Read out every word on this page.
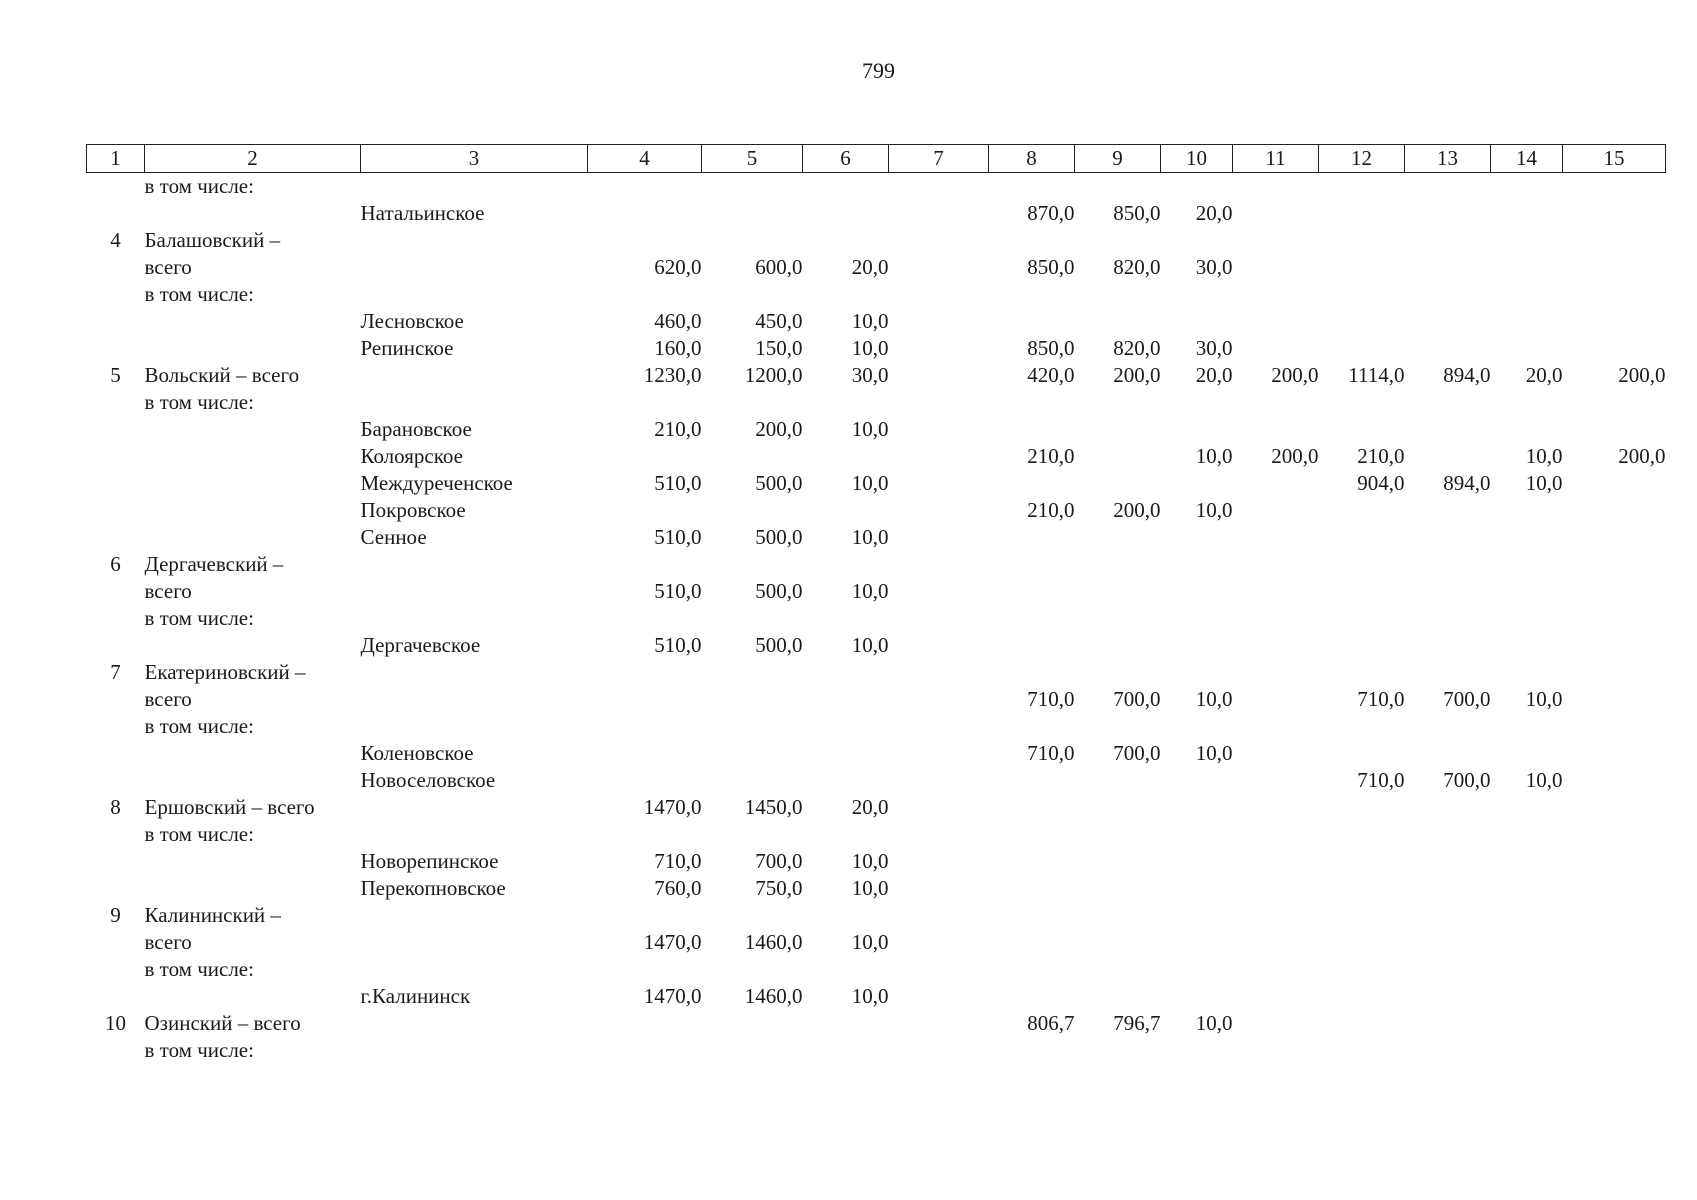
799
1	2	3	4	5	6	7	8	9	10	11	12	13	14	15
	в том числе:													
		Натальинское					870,0	850,0	20,0					
4	Балашовский –													
	всего		620,0	600,0	20,0		850,0	820,0	30,0					
	в том числе:													
		Лесновское	460,0	450,0	10,0									
		Репинское	160,0	150,0	10,0		850,0	820,0	30,0					
5	Вольский – всего		1230,0	1200,0	30,0		420,0	200,0	20,0	200,0	1114,0	894,0	20,0	200,0
	в том числе:													
		Барановское	210,0	200,0	10,0									
		Колоярское					210,0		10,0	200,0	210,0		10,0	200,0
		Междуреченское	510,0	500,0	10,0						904,0	894,0	10,0	
		Покровское					210,0	200,0	10,0					
		Сенное	510,0	500,0	10,0									
6	Дергачевский –													
	всего		510,0	500,0	10,0									
	в том числе:													
		Дергачевское	510,0	500,0	10,0									
7	Екатериновский –													
	всего						710,0	700,0	10,0		710,0	700,0	10,0	
	в том числе:													
		Коленовское					710,0	700,0	10,0					
		Новоселовское									710,0	700,0	10,0	
8	Ершовский – всего		1470,0	1450,0	20,0									
	в том числе:													
		Новорепинское	710,0	700,0	10,0									
		Перекопновское	760,0	750,0	10,0									
9	Калининский –													
	всего		1470,0	1460,0	10,0									
	в том числе:													
		г.Калининск	1470,0	1460,0	10,0									
10	Озинский – всего						806,7	796,7	10,0					
	в том числе:													
